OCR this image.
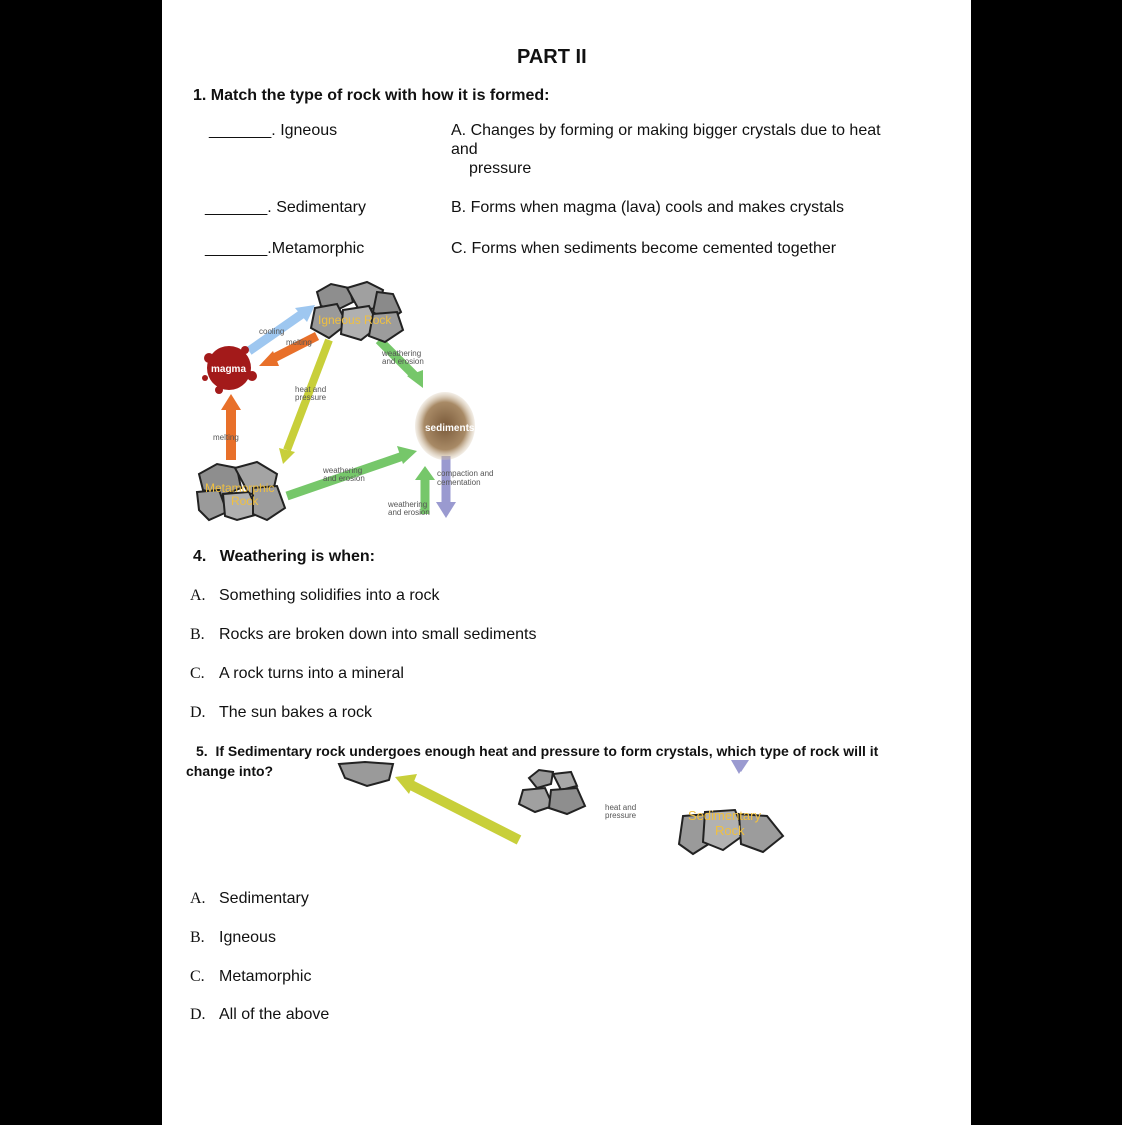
PART II
1. Match the type of rock with how it is formed:
_______. Igneous
_______. Sedimentary
_______.Metamorphic
A. Changes by forming or making bigger crystals due to heat
and
pressure
B. Forms when magma (lava) cools and makes crystals
C. Forms when sediments become cemented together
Igneous Rock
magma
sediments
Metamorphic
Rock
cooling
melting
weathering
and erosion
heat and
pressure
melting
weathering
and erosion
compaction and
cementation
weathering
and erosion
4. Weathering is when:
A. Something solidifies into a rock
B. Rocks are broken down into small sediments
C. A rock turns into a mineral
D. The sun bakes a rock
5. If Sedimentary rock undergoes enough heat and pressure to form crystals, which type of rock will it
change into?
heat and
pressure	Sedimentary
Rock
A. Sedimentary
B. Igneous
C. Metamorphic
D. All of the above
